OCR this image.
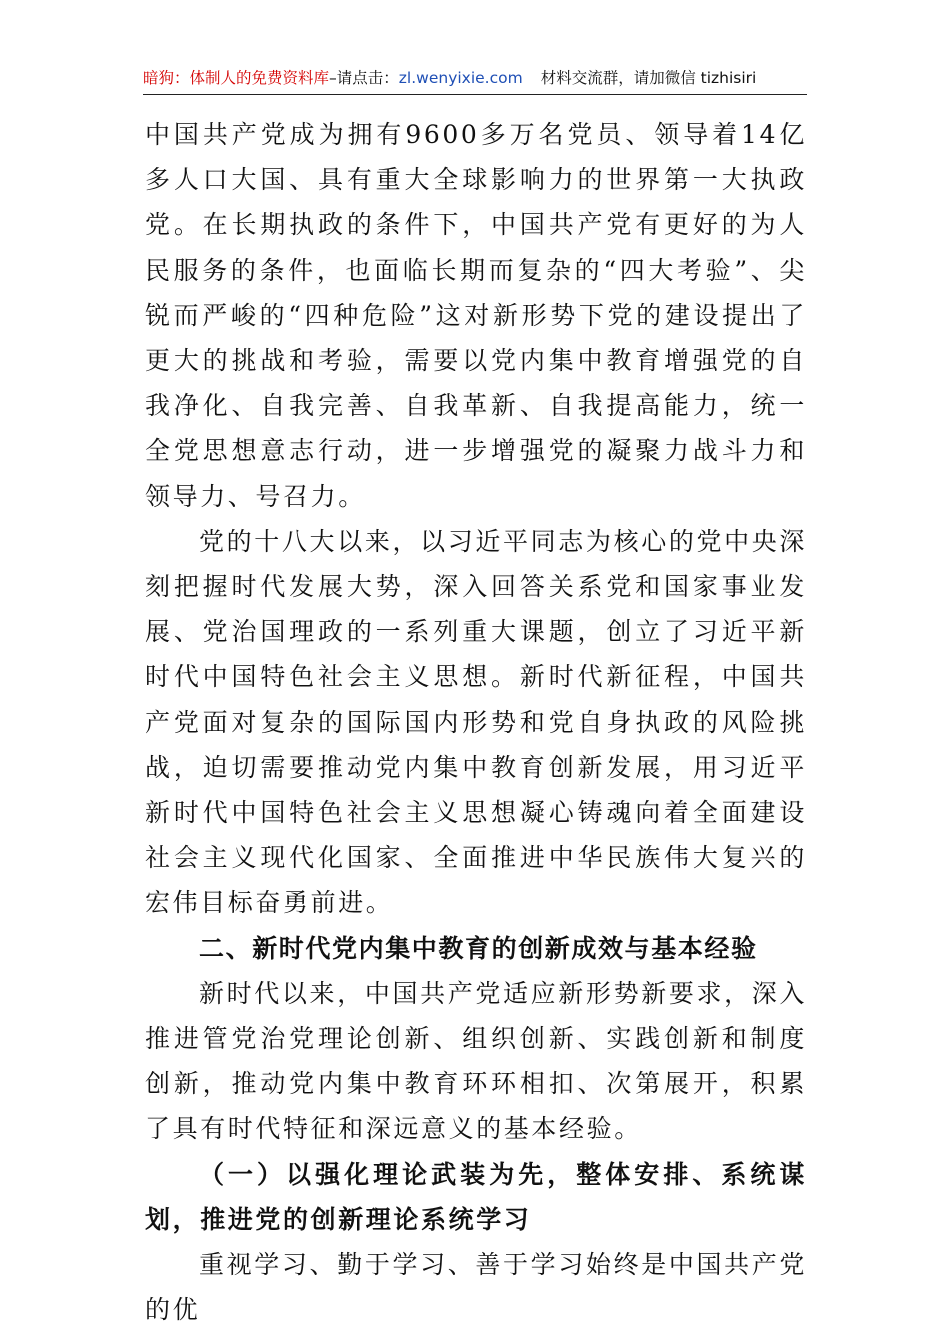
暗狗：体制人的免费资料库–请点击：zl.wenyixie.com 材料交流群，请加微信 tizhisiri

中国共产党成为拥有9600多万名党员、领导着14亿多人口大国、具有重大全球影响力的世界第一大执政党。在长期执政的条件下，中国共产党有更好的为人民服务的条件，也面临长期而复杂的“四大考验”、尖锐而严峻的“四种危险”这对新形势下党的建设提出了更大的挑战和考验，需要以党内集中教育增强党的自我净化、自我完善、自我革新、自我提高能力，统一全党思想意志行动，进一步增强党的凝聚力战斗力和领导力、号召力。

党的十八大以来，以习近平同志为核心的党中央深刻把握时代发展大势，深入回答关系党和国家事业发展、党治国理政的一系列重大课题，创立了习近平新时代中国特色社会主义思想。新时代新征程，中国共产党面对复杂的国际国内形势和党自身执政的风险挑战，迫切需要推动党内集中教育创新发展，用习近平新时代中国特色社会主义思想凝心铸魂向着全面建设社会主义现代化国家、全面推进中华民族伟大复兴的宏伟目标奋勇前进。

二、新时代党内集中教育的创新成效与基本经验

新时代以来，中国共产党适应新形势新要求，深入推进管党治党理论创新、组织创新、实践创新和制度创新，推动党内集中教育环环相扣、次第展开，积累了具有时代特征和深远意义的基本经验。

（一）以强化理论武装为先，整体安排、系统谋划，推进党的创新理论系统学习

重视学习、勤于学习、善于学习始终是中国共产党的优
